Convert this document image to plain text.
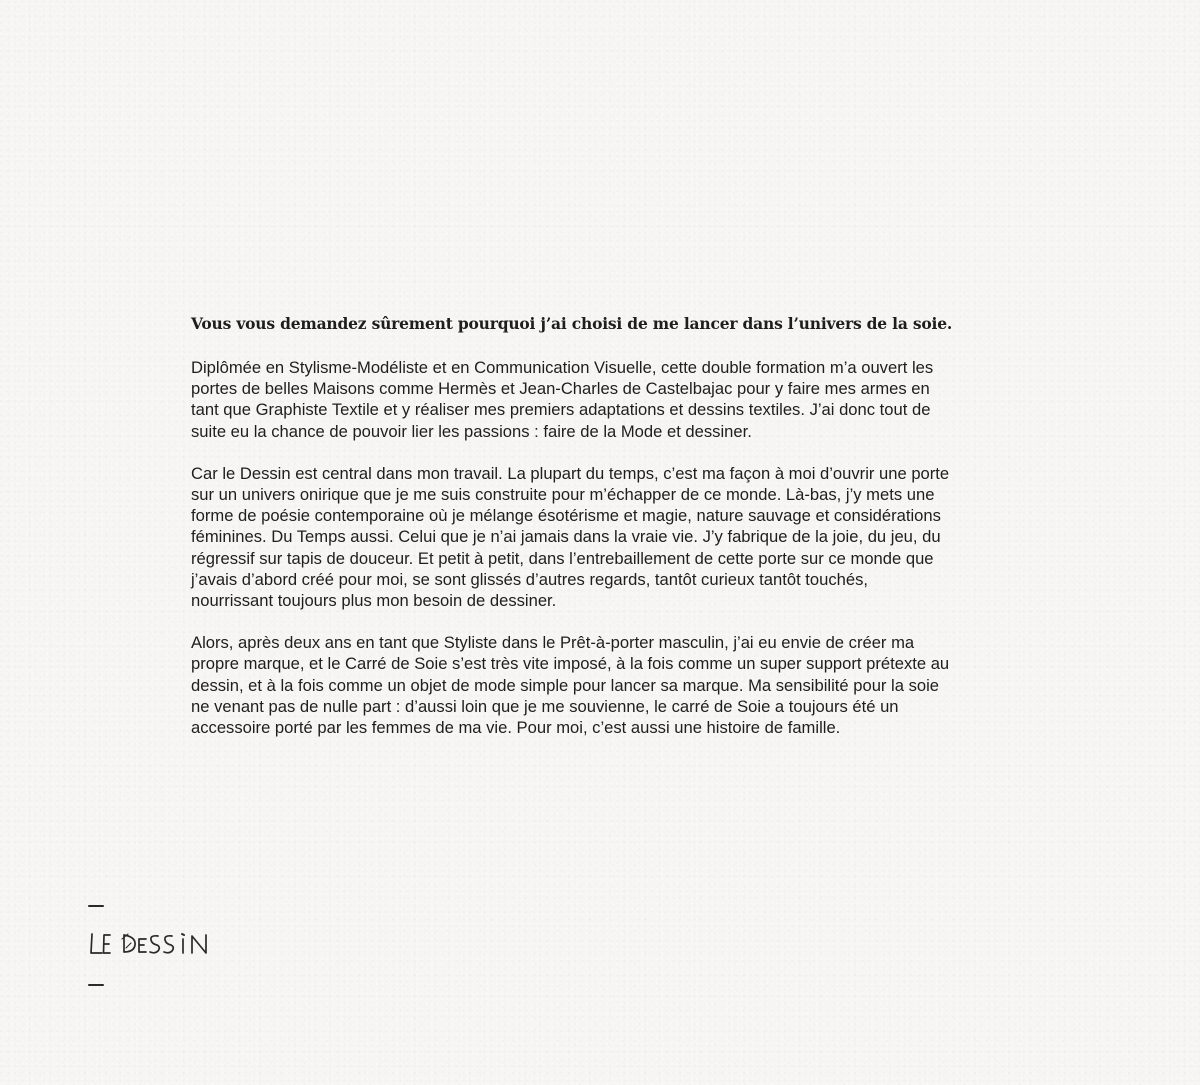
Vous vous demandez sûrement pourquoi j’ai choisi de me lancer dans l’univers de la soie.

Diplômée en Stylisme-Modéliste et en Communication Visuelle, cette double formation m’a ouvert les
portes de belles Maisons comme Hermès et Jean-Charles de Castelbajac pour y faire mes armes en
tant que Graphiste Textile et y réaliser mes premiers adaptations et dessins textiles. J’ai donc tout de
suite eu la chance de pouvoir lier les passions : faire de la Mode et dessiner.

Car le Dessin est central dans mon travail. La plupart du temps, c’est ma façon à moi d’ouvrir une porte
sur un univers onirique que je me suis construite pour m’échapper de ce monde. Là-bas, j’y mets une
forme de poésie contemporaine où je mélange ésotérisme et magie, nature sauvage et considérations
féminines. Du Temps aussi. Celui que je n’ai jamais dans la vraie vie. J’y fabrique de la joie, du jeu, du
régressif sur tapis de douceur. Et petit à petit, dans l’entrebaillement de cette porte sur ce monde que
j’avais d’abord créé pour moi, se sont glissés d’autres regards, tantôt curieux tantôt touchés,
nourrissant toujours plus mon besoin de dessiner.

Alors, après deux ans en tant que Styliste dans le Prêt-à-porter masculin, j’ai eu envie de créer ma
propre marque, et le Carré de Soie s’est très vite imposé, à la fois comme un super support prétexte au
dessin, et à la fois comme un objet de mode simple pour lancer sa marque. Ma sensibilité pour la soie
ne venant pas de nulle part : d’aussi loin que je me souvienne, le carré de Soie a toujours été un
accessoire porté par les femmes de ma vie. Pour moi, c’est aussi une histoire de famille.
